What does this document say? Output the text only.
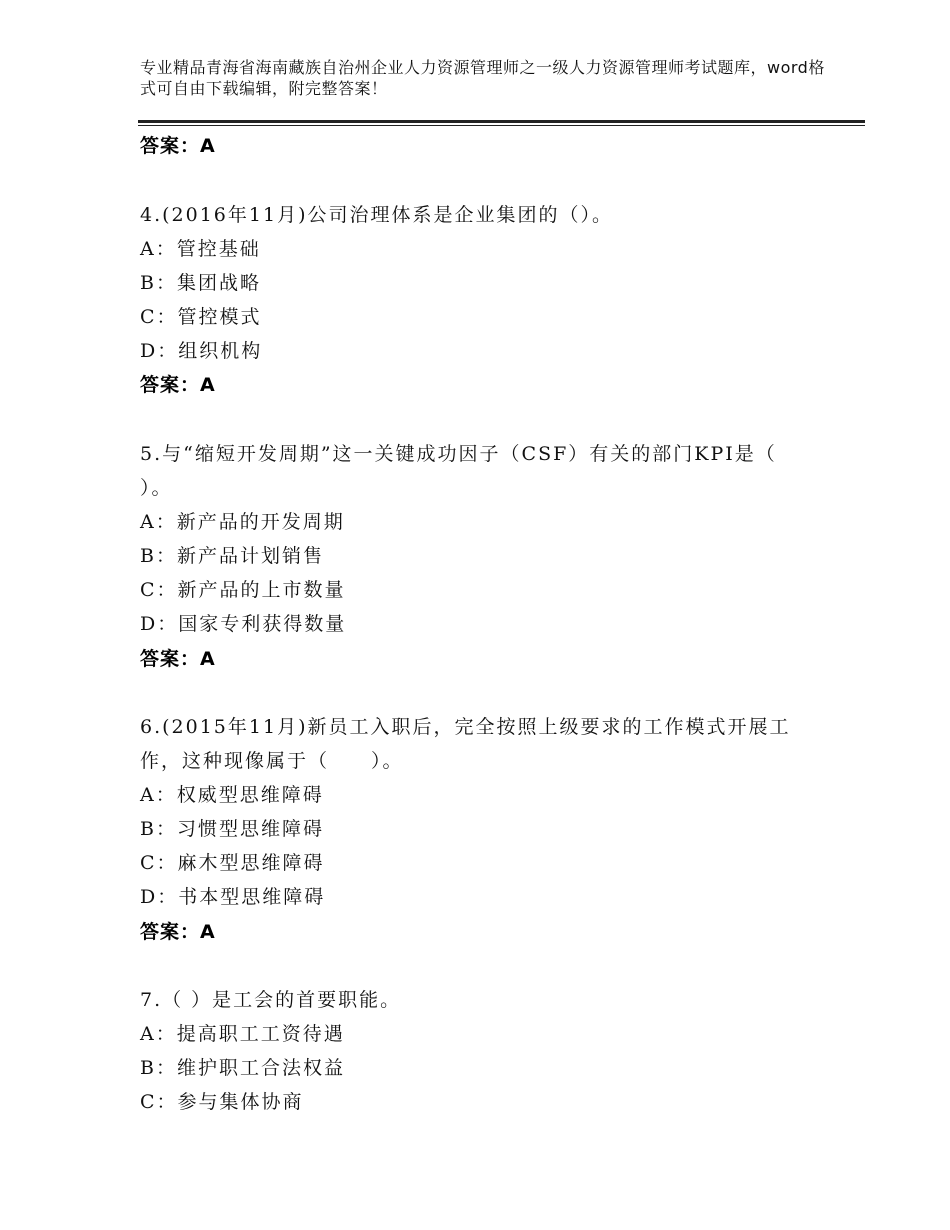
专业精品青海省海南藏族自治州企业人力资源管理师之一级人力资源管理师考试题库，word格式可自由下载编辑，附完整答案！
答案：A
4.(2016年11月)公司治理体系是企业集团的（）。
A：管控基础
B：集团战略
C：管控模式
D：组织机构
答案：A
5.与“缩短开发周期”这一关键成功因子（CSF）有关的部门KPI是（
）。
A：新产品的开发周期
B：新产品计划销售
C：新产品的上市数量
D：国家专利获得数量
答案：A
6.(2015年11月)新员工入职后，完全按照上级要求的工作模式开展工
作，这种现像属于（　　）。
A：权威型思维障碍
B：习惯型思维障碍
C：麻木型思维障碍
D：书本型思维障碍
答案：A
7.（ ）是工会的首要职能。
A：提高职工工资待遇
B：维护职工合法权益
C：参与集体协商
